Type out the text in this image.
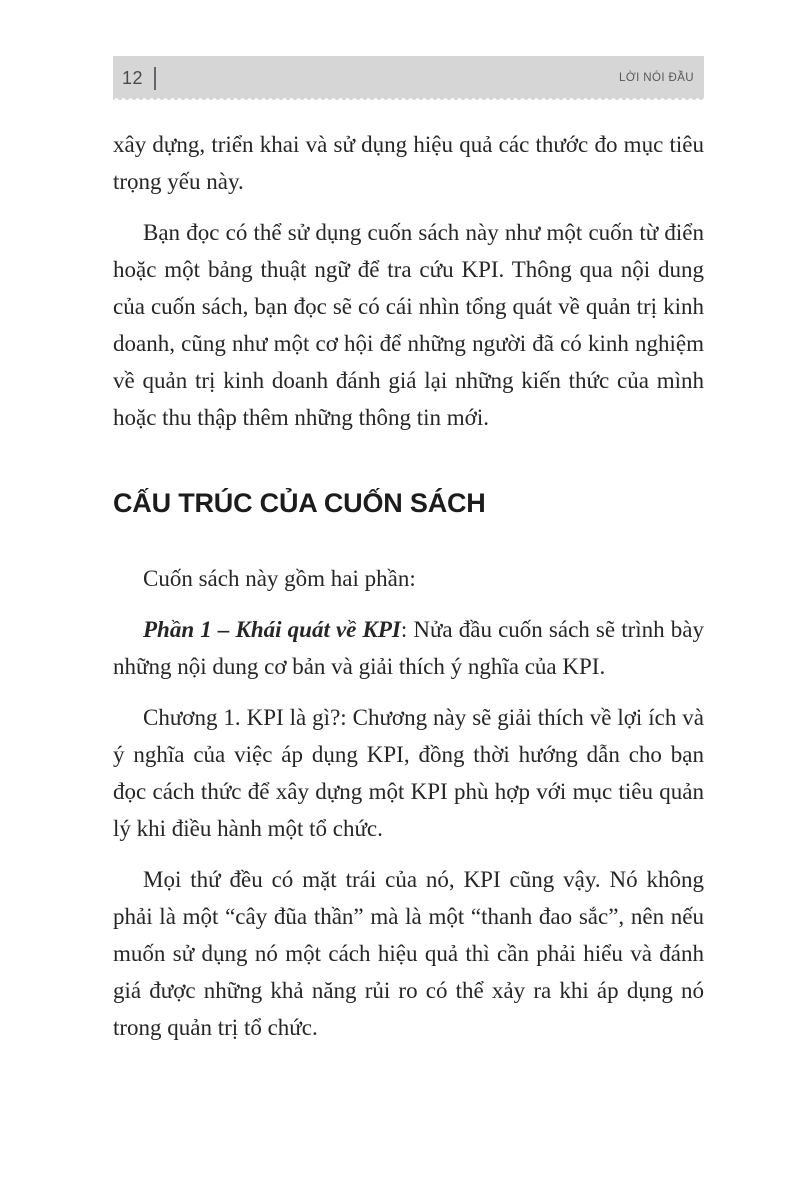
12	LỜI NÓI ĐẦU

xây dựng, triển khai và sử dụng hiệu quả các thước đo mục tiêu trọng yếu này.

Bạn đọc có thể sử dụng cuốn sách này như một cuốn từ điển hoặc một bảng thuật ngữ để tra cứu KPI. Thông qua nội dung của cuốn sách, bạn đọc sẽ có cái nhìn tổng quát về quản trị kinh doanh, cũng như một cơ hội để những người đã có kinh nghiệm về quản trị kinh doanh đánh giá lại những kiến thức của mình hoặc thu thập thêm những thông tin mới.

CẤU TRÚC CỦA CUỐN SÁCH

Cuốn sách này gồm hai phần:

Phần 1 – Khái quát về KPI: Nửa đầu cuốn sách sẽ trình bày những nội dung cơ bản và giải thích ý nghĩa của KPI.

Chương 1. KPI là gì?: Chương này sẽ giải thích về lợi ích và ý nghĩa của việc áp dụng KPI, đồng thời hướng dẫn cho bạn đọc cách thức để xây dựng một KPI phù hợp với mục tiêu quản lý khi điều hành một tổ chức.

Mọi thứ đều có mặt trái của nó, KPI cũng vậy. Nó không phải là một “cây đũa thần” mà là một “thanh đao sắc”, nên nếu muốn sử dụng nó một cách hiệu quả thì cần phải hiểu và đánh giá được những khả năng rủi ro có thể xảy ra khi áp dụng nó trong quản trị tổ chức.
